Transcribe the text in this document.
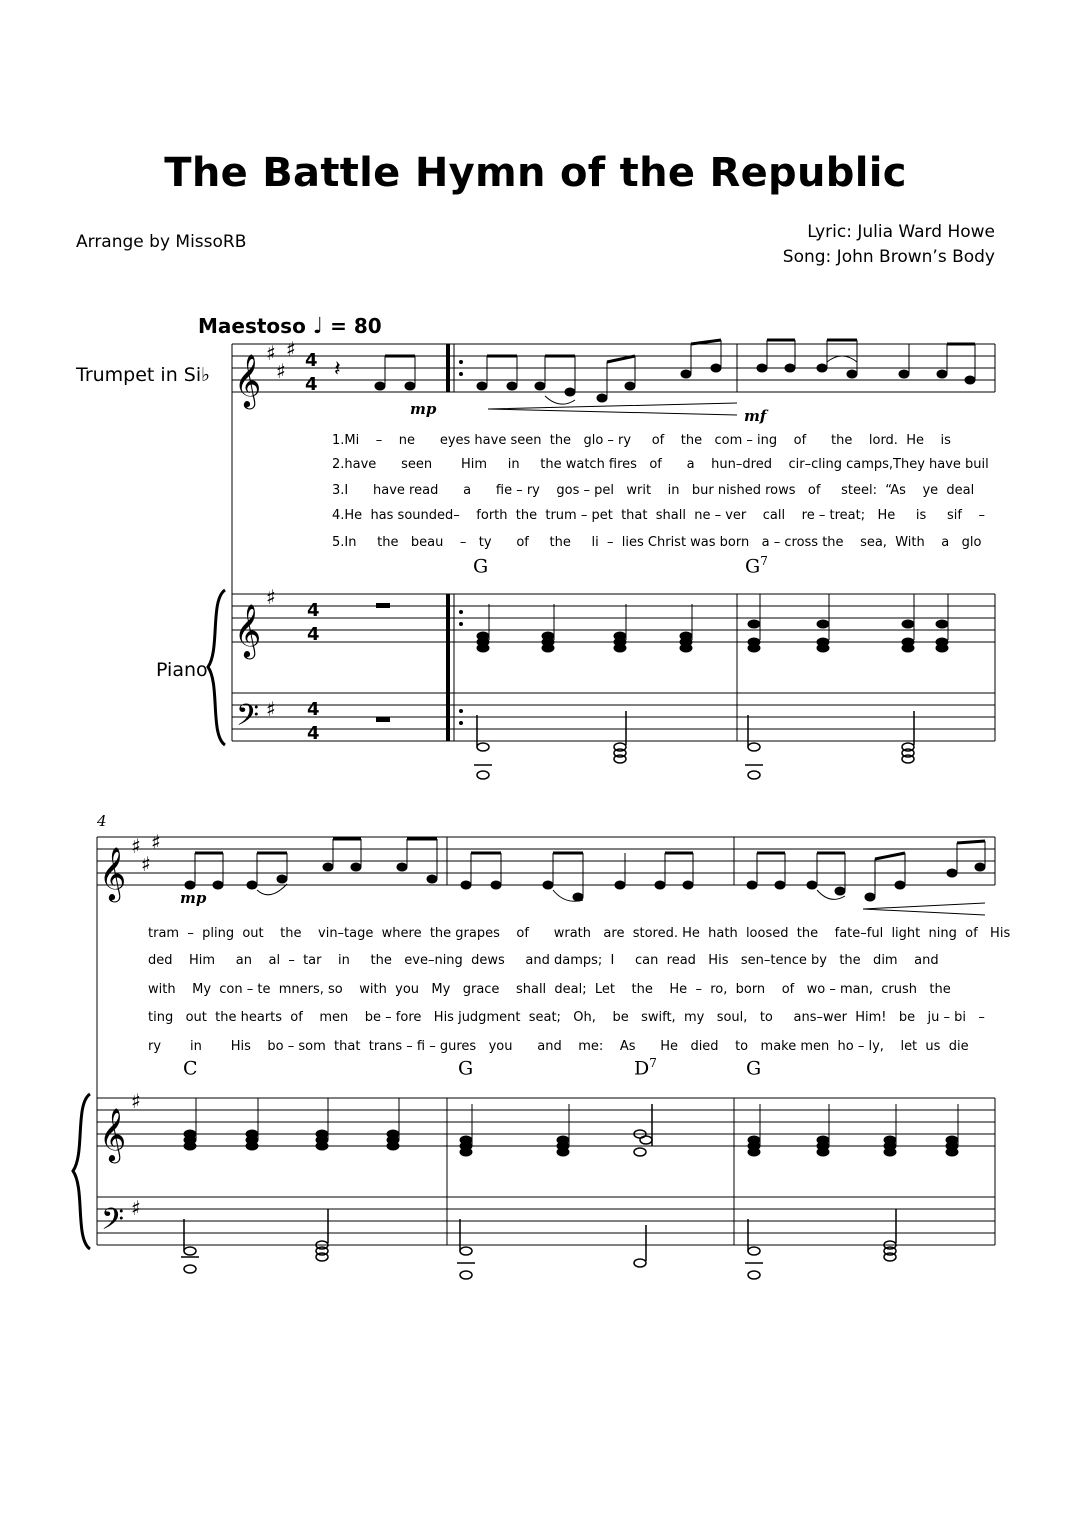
The Battle Hymn of the Republic
Arrange by MissoRB	Lyric: Julia Ward Howe
Song: John Brown’s Body
Maestoso ♩ = 80
Trumpet in Si♭
Piano
4
1.Mi    –    ne      eyes have seen  the   glo – ry     of    the   com – ing    of      the    lord.  He    is
2.have      seen       Him     in     the watch fires   of      a    hun–dred    cir–cling camps,They have buil
3.I      have read      a      fie – ry    gos – pel   writ    in   bur nished rows   of     steel:  “As    ye  deal
4.He  has sounded–    forth  the  trum – pet  that  shall  ne – ver    call    re – treat;   He     is     sif    –
5.In     the   beau    –   ty      of     the     li  –  lies Christ was born   a – cross the    sea,  With    a   glo
G	$G^7$
tram  –  pling  out    the    vin–tage  where  the grapes    of      wrath   are  stored. He  hath  loosed  the    fate–ful  light  ning  of   His
ded    Him     an    al  –  tar    in     the   eve–ning  dews     and damps;  I     can  read   His   sen–tence by   the   dim    and
with    My  con – te  mners, so    with  you   My   grace    shall  deal;  Let    the    He  –  ro,  born    of   wo – man,  crush   the
ting   out  the hearts  of    men    be – fore   His judgment  seat;   Oh,    be   swift,  my   soul,   to     ans–wer  Him!   be   ju – bi   –
ry       in       His    bo – som  that  trans – fi – gures   you      and    me:    As      He   died    to   make men  ho – ly,    let  us  die
C	G	$D^7$	G
𝄞
𝄞
𝄢
𝄞
𝄞
𝄢
♯
♯
♯
♯
♯
♯
♯
♯
♯
♯
4
4
4
4
4
4
𝄽
mp	mf
mp
